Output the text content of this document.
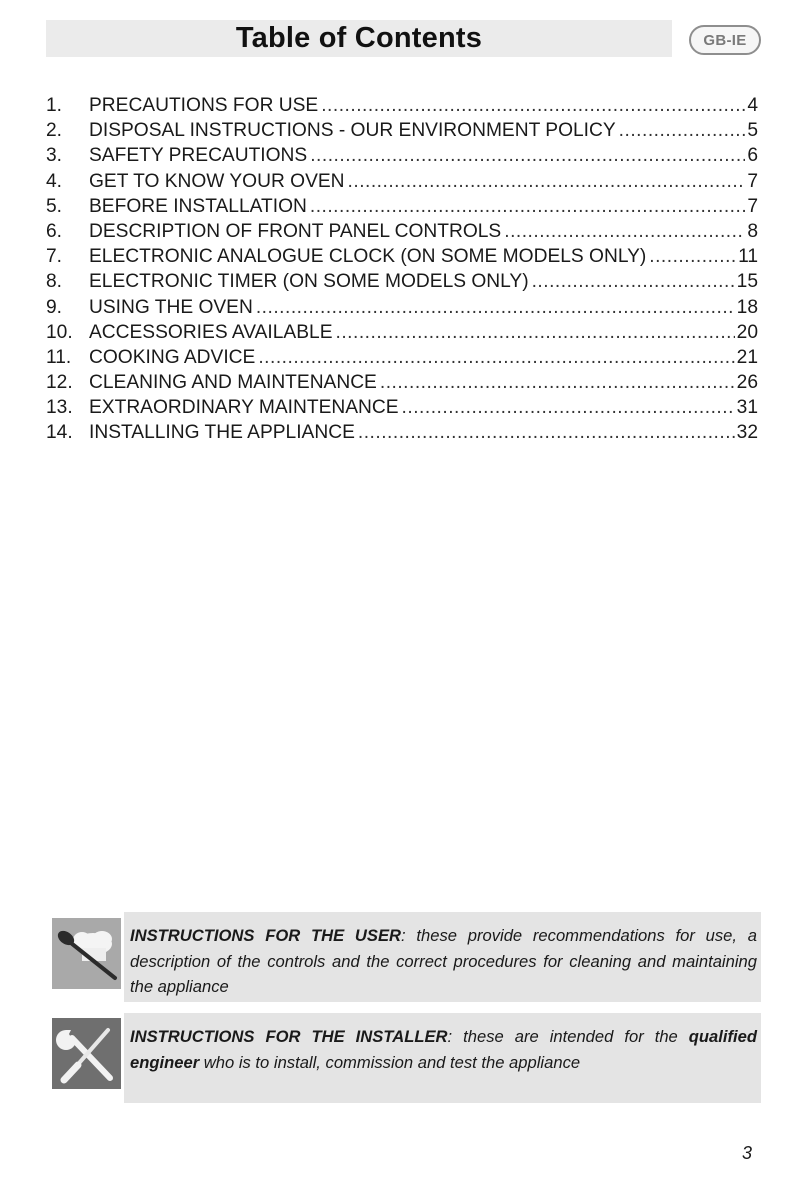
Table of Contents	GB-IE
1.	PRECAUTIONS FOR USE .....	4
2.	DISPOSAL INSTRUCTIONS - OUR ENVIRONMENT POLICY .....	5
3.	SAFETY PRECAUTIONS .....	6
4.	GET TO KNOW YOUR OVEN .....	7
5.	BEFORE INSTALLATION .....	7
6.	DESCRIPTION OF FRONT PANEL CONTROLS .....	8
7.	ELECTRONIC ANALOGUE CLOCK (ON SOME MODELS ONLY) .....	11
8.	ELECTRONIC TIMER (ON SOME MODELS ONLY) .....	15
9.	USING THE OVEN .....	18
10. ACCESSORIES AVAILABLE .....	20
11. COOKING ADVICE .....	21
12. CLEANING AND MAINTENANCE .....	26
13. EXTRAORDINARY MAINTENANCE .....	31
14. INSTALLING THE APPLIANCE .....	32
INSTRUCTIONS FOR THE USER: these provide recommendations for use, a description of the controls and the correct procedures for cleaning and maintaining the appliance
INSTRUCTIONS FOR THE INSTALLER: these are intended for the qualified engineer who is to install, commission and test the appliance
3
